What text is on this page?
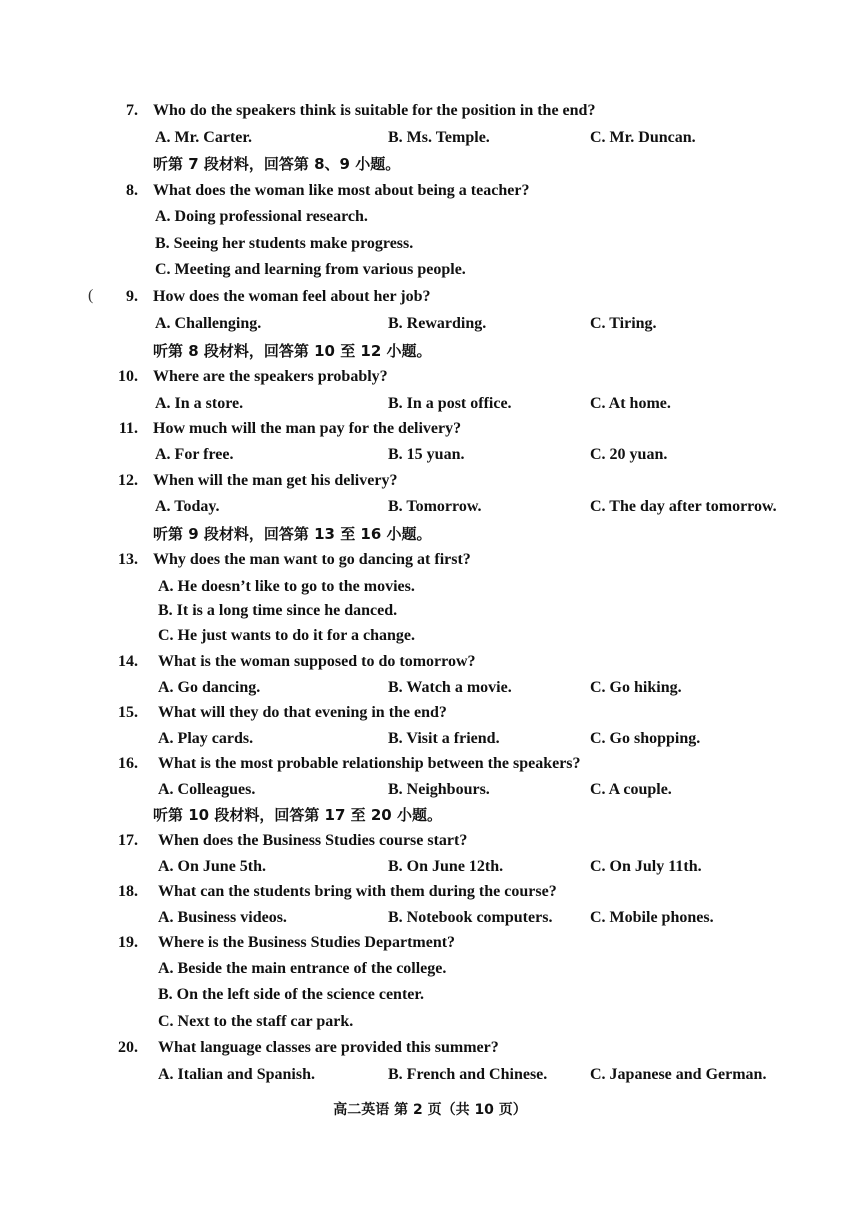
(
7. Who do the speakers think is suitable for the position in the end?
A. Mr. Carter.	B. Ms. Temple.	C. Mr. Duncan.
听第 7 段材料，回答第 8、9 小题。
8. What does the woman like most about being a teacher?
A. Doing professional research.
B. Seeing her students make progress.
C. Meeting and learning from various people.
9. How does the woman feel about her job?
A. Challenging.	B. Rewarding.	C. Tiring.
听第 8 段材料，回答第 10 至 12 小题。
10. Where are the speakers probably?
A. In a store.	B. In a post office.	C. At home.
11. How much will the man pay for the delivery?
A. For free.	B. 15 yuan.	C. 20 yuan.
12. When will the man get his delivery?
A. Today.	B. Tomorrow.	C. The day after tomorrow.
听第 9 段材料，回答第 13 至 16 小题。
13. Why does the man want to go dancing at first?
A. He doesn’t like to go to the movies.
B. It is a long time since he danced.
C. He just wants to do it for a change.
14. What is the woman supposed to do tomorrow?
A. Go dancing.	B. Watch a movie.	C. Go hiking.
15. What will they do that evening in the end?
A. Play cards.	B. Visit a friend.	C. Go shopping.
16. What is the most probable relationship between the speakers?
A. Colleagues.	B. Neighbours.	C. A couple.
听第 10 段材料，回答第 17 至 20 小题。
17. When does the Business Studies course start?
A. On June 5th.	B. On June 12th.	C. On July 11th.
18. What can the students bring with them during the course?
A. Business videos.	B. Notebook computers. C. Mobile phones.
19. Where is the Business Studies Department?
A. Beside the main entrance of the college.
B. On the left side of the science center.
C. Next to the staff car park.
20. What language classes are provided this summer?
A. Italian and Spanish.	B. French and Chinese.	C. Japanese and German.
高二英语 第 2 页（共 10 页）
